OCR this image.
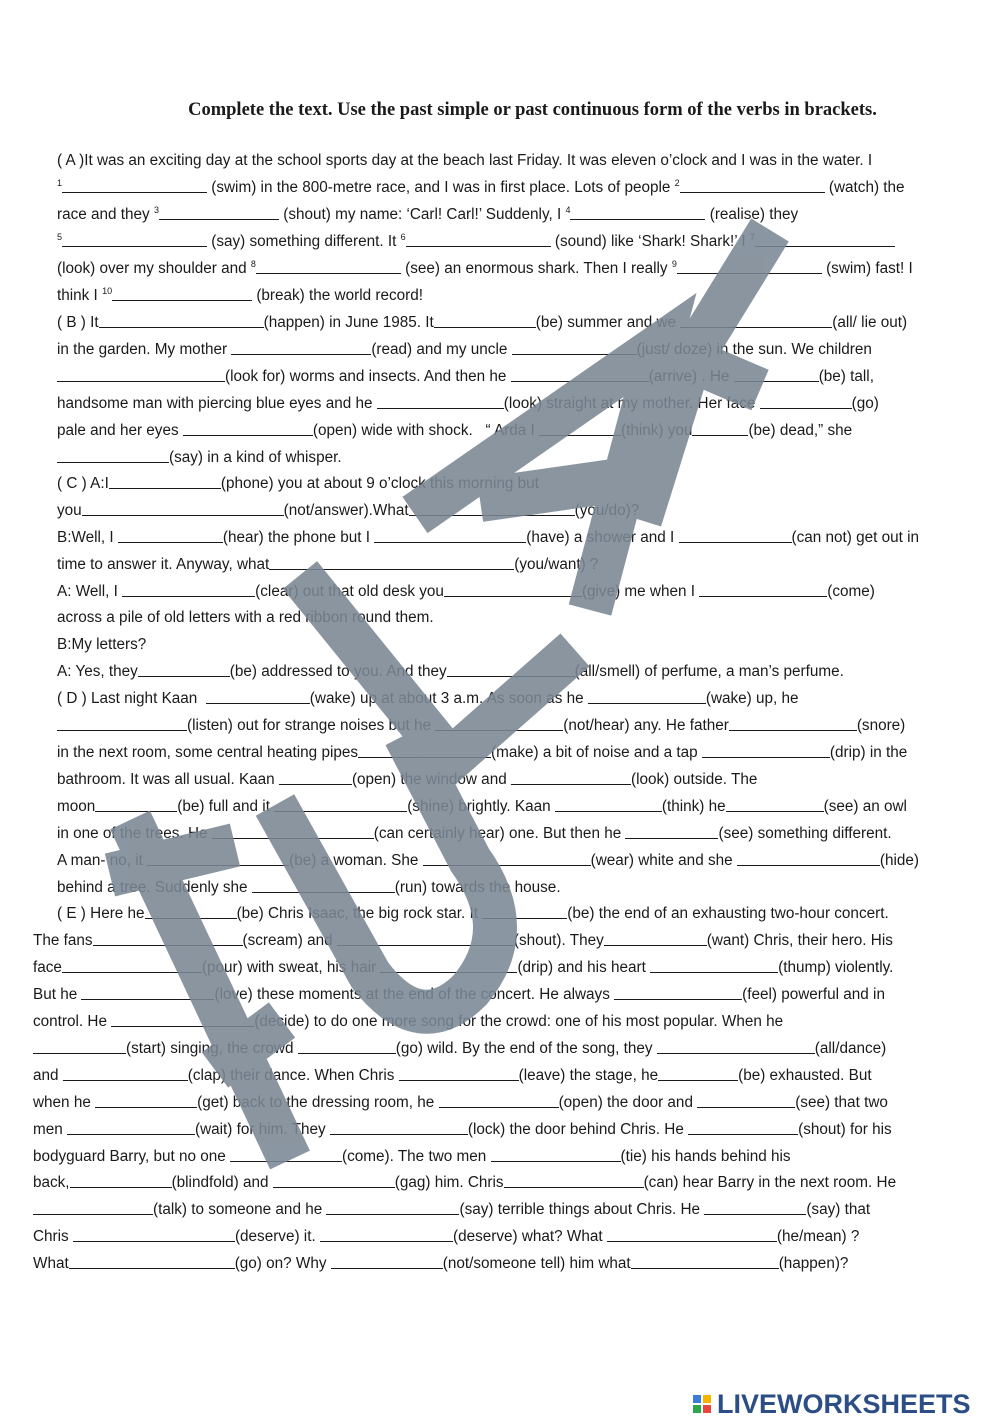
Complete the text. Use the past simple or past continuous form of the verbs in brackets.
( A )It was an exciting day at the school sports day at the beach last Friday. It was eleven o’clock and I was in the water. I
$^1$	(swim) in the 800-metre race, and I was in first place. Lots of people $^2$	(watch) the
race and they $^3$	(shout) my name: ‘Carl! Carl!’ Suddenly, I $^4$	(realise) they
$^5$	(say) something different. It $^6$	(sound) like ‘Shark! Shark!’ I $^7$
(look) over my shoulder and $^8$	(see) an enormous shark. Then I really $^9$	(swim) fast! I
think I $^{10}$	(break) the world record!
( B ) It	(happen) in June 1985. It	(be) summer and we	(all/ lie out)
in the garden. My mother	(read) and my uncle	(just/ doze) in the sun. We children
(look for) worms and insects. And then he	(arrive) . He	(be) tall,
handsome man with piercing blue eyes and he	(look) straight at my mother. Her face	(go)
pale and her eyes	(open) wide with shock.   “ Arda I	(think) you	(be) dead,” she
(say) in a kind of whisper.
( C ) A:I	(phone) you at about 9 o’clock this morning but
you	(not/answer).What	(you/do)?
B:Well, I	(hear) the phone but I	(have) a shower and I	(can not) get out in
time to answer it. Anyway, what	(you/want) ?
A: Well, I	(clear) out that old desk you	(give) me when I	(come)
across a pile of old letters with a red ribbon round them.
B:My letters?
A: Yes, they	(be) addressed to you. And they	(all/smell) of perfume, a man’s perfume.
( D ) Last night Kaan	(wake) up at about 3 a.m. As soon as he	(wake) up, he
(listen) out for strange noises but he	(not/hear) any. He father	(snore)
in the next room, some central heating pipes	(make) a bit of noise and a tap	(drip) in the
bathroom. It was all usual. Kaan	(open) the window and	(look) outside. The
moon	(be) full and it	(shine) brightly. Kaan	(think) he	(see) an owl
in one of the trees. He	(can certainly hear) one. But then he	(see) something different.
A man- no, it	(be) a woman. She	(wear) white and she	(hide)
behind a tree. Suddenly she	(run) towards the house.
( E ) Here he	(be) Chris Isaac, the big rock star. It	(be) the end of an exhausting two-hour concert.
The fans	(scream) and	(shout). They	(want) Chris, their hero. His
face	(pour) with sweat, his hair	(drip) and his heart	(thump) violently.
But he	(love) these moments at the end of the concert. He always	(feel) powerful and in
control. He	(decide) to do one more song for the crowd: one of his most popular. When he
(start) singing, the crowd	(go) wild. By the end of the song, they	(all/dance)
and	(clap) their dance. When Chris	(leave) the stage, he	(be) exhausted. But
when he	(get) back to the dressing room, he	(open) the door and	(see) that two
men	(wait) for him. They	(lock) the door behind Chris. He	(shout) for his
bodyguard Barry, but no one	(come). The two men	(tie) his hands behind his
back,	(blindfold) and	(gag) him. Chris	(can) hear Barry in the next room. He
(talk) to someone and he	(say) terrible things about Chris. He	(say) that
Chris	(deserve) it.	(deserve) what? What	(he/mean) ?
What	(go) on? Why	(not/someone tell) him what	(happen)?
LIVEWORKSHEETS
